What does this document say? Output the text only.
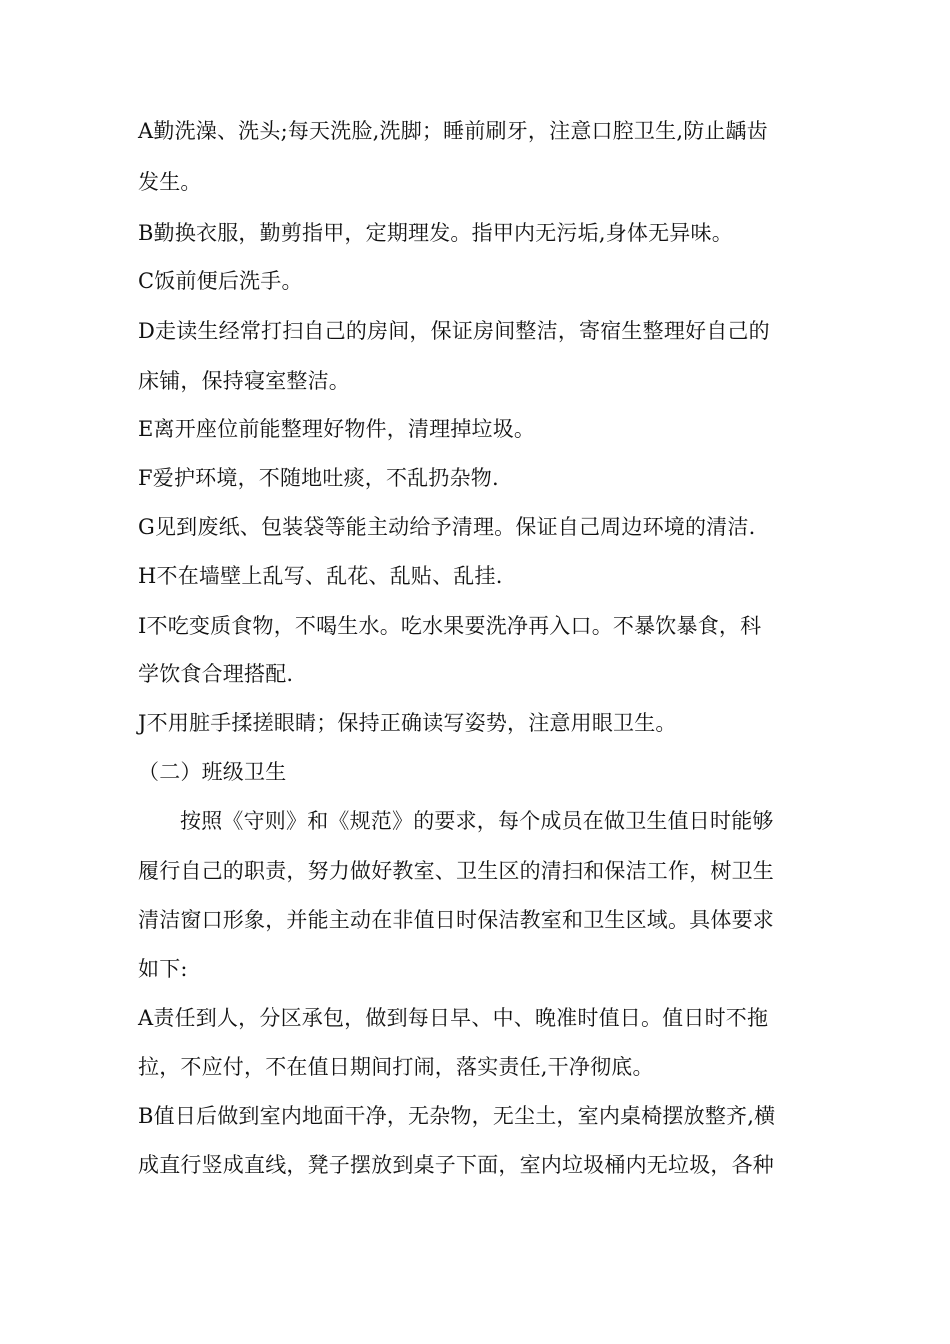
A勤洗澡、洗头;每天洗脸,洗脚；睡前刷牙，注意口腔卫生,防止龋齿
发生。
B勤换衣服，勤剪指甲，定期理发。指甲内无污垢,身体无异味。
C饭前便后洗手。
D走读生经常打扫自己的房间，保证房间整洁，寄宿生整理好自己的
床铺，保持寝室整洁。
E离开座位前能整理好物件，清理掉垃圾。
F爱护环境，不随地吐痰，不乱扔杂物.
G见到废纸、包装袋等能主动给予清理。保证自己周边环境的清洁.
H不在墙壁上乱写、乱花、乱贴、乱挂.
I不吃变质食物，不喝生水。吃水果要洗净再入口。不暴饮暴食，科
学饮食合理搭配.
J不用脏手揉搓眼睛；保持正确读写姿势，注意用眼卫生。
（二）班级卫生
按照《守则》和《规范》的要求，每个成员在做卫生值日时能够
履行自己的职责，努力做好教室、卫生区的清扫和保洁工作，树卫生
清洁窗口形象，并能主动在非值日时保洁教室和卫生区域。具体要求
如下:
A责任到人，分区承包，做到每日早、中、晚准时值日。值日时不拖
拉，不应付，不在值日期间打闹，落实责任,干净彻底。
B值日后做到室内地面干净，无杂物，无尘土，室内桌椅摆放整齐,横
成直行竖成直线，凳子摆放到桌子下面，室内垃圾桶内无垃圾，各种
